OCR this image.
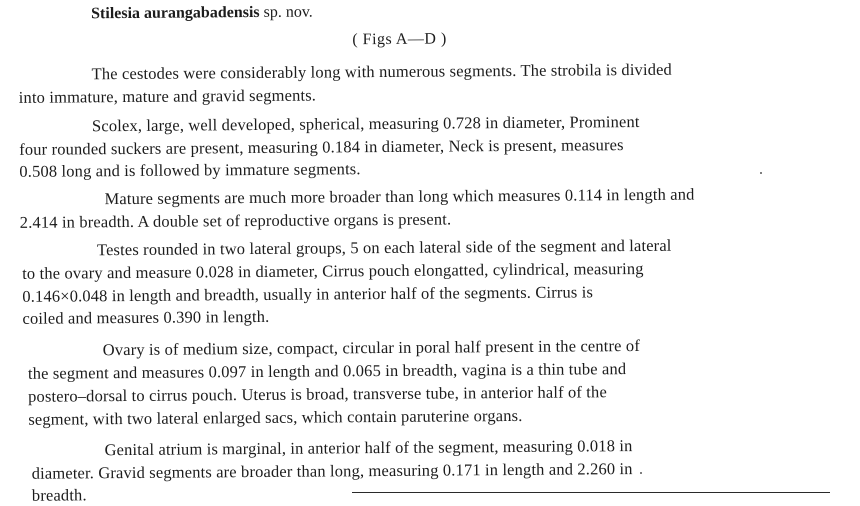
Stilesia aurangabadensis sp. nov.
( Figs A—D )
The cestodes were considerably long with numerous segments. The strobila is divided
into immature, mature and gravid segments.
Scolex, large, well developed, spherical, measuring 0.728 in diameter, Prominent
four rounded suckers are present, measuring 0.184 in diameter, Neck is present, measures
0.508 long and is followed by immature segments.
Mature segments are much more broader than long which measures 0.114 in length and
2.414 in breadth. A double set of reproductive organs is present.
Testes rounded in two lateral groups, 5 on each lateral side of the segment and lateral
to the ovary and measure 0.028 in diameter, Cirrus pouch elongatted, cylindrical, measuring
0.146×0.048 in length and breadth, usually in anterior half of the segments. Cirrus is
coiled and measures 0.390 in length.
Ovary is of medium size, compact, circular in poral half present in the centre of
the segment and measures 0.097 in length and 0.065 in breadth, vagina is a thin tube and
postero–dorsal to cirrus pouch. Uterus is broad, transverse tube, in anterior half of the
segment, with two lateral enlarged sacs, which contain paruterine organs.
Genital atrium is marginal, in anterior half of the segment, measuring 0.018 in
diameter. Gravid segments are broader than long, measuring 0.171 in length and 2.260 in
breadth.
